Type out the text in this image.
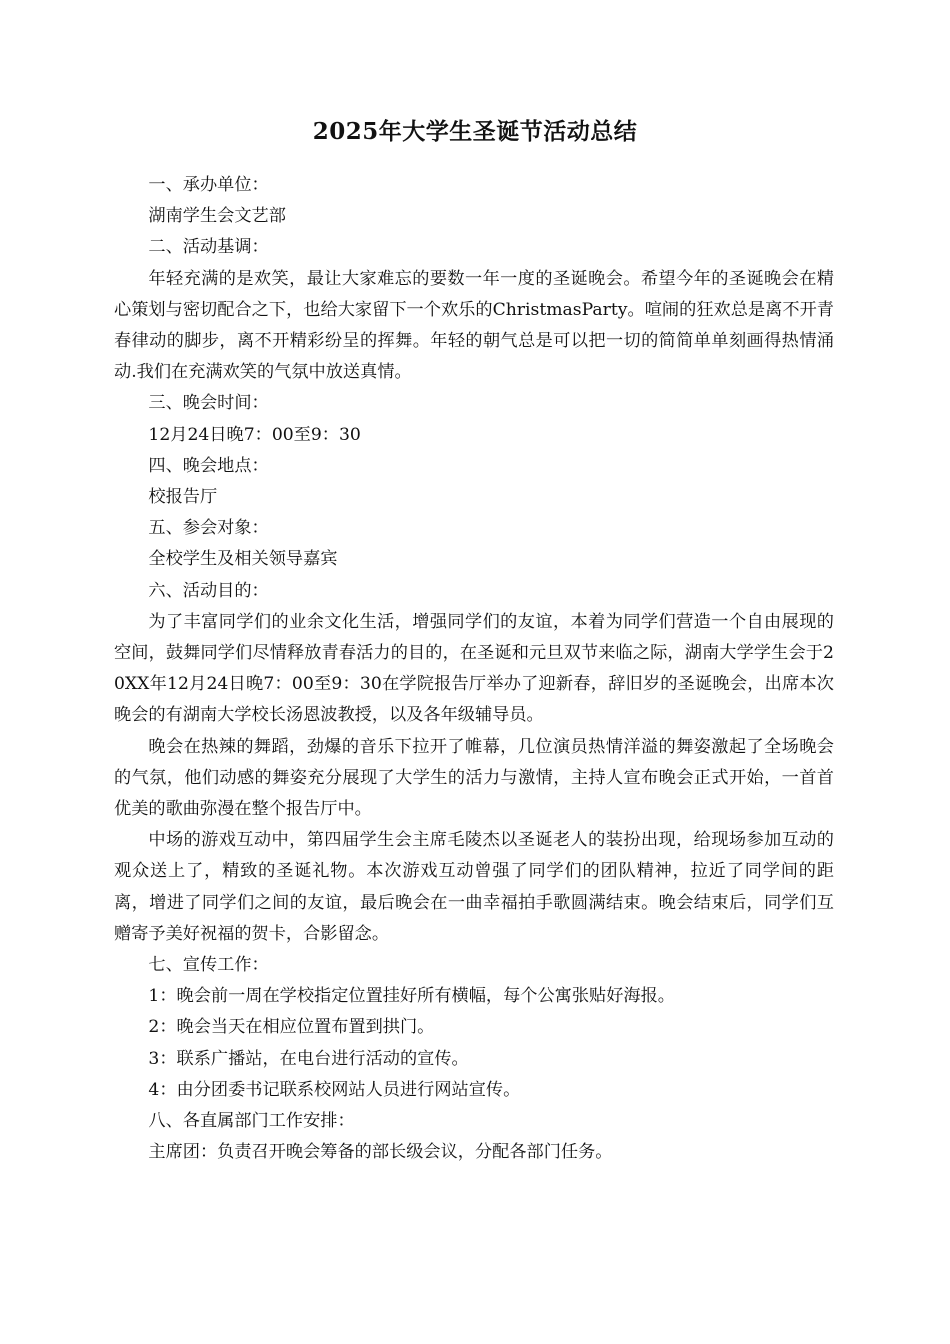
2025年大学生圣诞节活动总结

一、承办单位：

湖南学生会文艺部

二、活动基调：

年轻充满的是欢笑，最让大家难忘的要数一年一度的圣诞晚会。希望今年的圣诞晚会在精心策划与密切配合之下，也给大家留下一个欢乐的ChristmasParty。喧闹的狂欢总是离不开青春律动的脚步，离不开精彩纷呈的挥舞。年轻的朝气总是可以把一切的简简单单刻画得热情涌动.我们在充满欢笑的气氛中放送真情。

三、晚会时间：

12月24日晚7：00至9：30

四、晚会地点：

校报告厅

五、参会对象：

全校学生及相关领导嘉宾

六、活动目的：

为了丰富同学们的业余文化生活，增强同学们的友谊，本着为同学们营造一个自由展现的空间，鼓舞同学们尽情释放青春活力的目的，在圣诞和元旦双节来临之际，湖南大学学生会于20XX年12月24日晚7：00至9：30在学院报告厅举办了迎新春，辞旧岁的圣诞晚会，出席本次晚会的有湖南大学校长汤恩波教授，以及各年级辅导员。

晚会在热辣的舞蹈，劲爆的音乐下拉开了帷幕，几位演员热情洋溢的舞姿激起了全场晚会的气氛，他们动感的舞姿充分展现了大学生的活力与激情，主持人宣布晚会正式开始，一首首优美的歌曲弥漫在整个报告厅中。

中场的游戏互动中，第四届学生会主席毛陵杰以圣诞老人的装扮出现，给现场参加互动的观众送上了，精致的圣诞礼物。本次游戏互动曾强了同学们的团队精神，拉近了同学间的距离，增进了同学们之间的友谊，最后晚会在一曲幸福拍手歌圆满结束。晚会结束后，同学们互赠寄予美好祝福的贺卡，合影留念。

七、宣传工作：

1：晚会前一周在学校指定位置挂好所有横幅，每个公寓张贴好海报。

2：晚会当天在相应位置布置到拱门。

3：联系广播站，在电台进行活动的宣传。

4：由分团委书记联系校网站人员进行网站宣传。

八、各直属部门工作安排：

主席团：负责召开晚会筹备的部长级会议，分配各部门任务。
